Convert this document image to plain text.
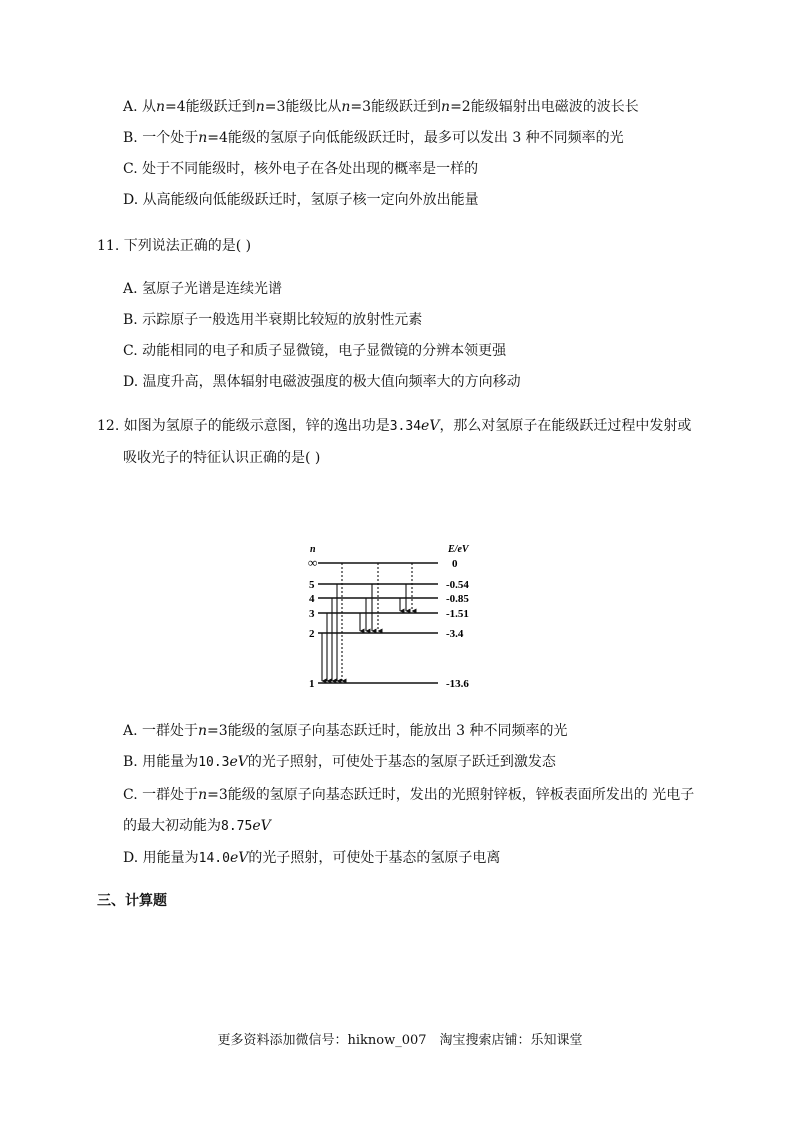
A. 从n=4能级跃迁到n=3能级比从n=3能级跃迁到n=2能级辐射出电磁波的波长长
B. 一个处于n=4能级的氢原子向低能级跃迁时，最多可以发出 3 种不同频率的光
C. 处于不同能级时，核外电子在各处出现的概率是一样的
D. 从高能级向低能级跃迁时，氢原子核一定向外放出能量
11. 下列说法正确的是( )
A. 氢原子光谱是连续光谱
B. 示踪原子一般选用半衰期比较短的放射性元素
C. 动能相同的电子和质子显微镜，电子显微镜的分辨本领更强
D. 温度升高，黑体辐射电磁波强度的极大值向频率大的方向移动
12. 如图为氢原子的能级示意图，锌的逸出功是3.34eV，那么对氢原子在能级跃迁过程中发射或
吸收光子的特征认识正确的是( )
n	E/eV
∞
5
4
3
2
1
0
-0.54
-0.85
-1.51
-3.4
-13.6
A. 一群处于n=3能级的氢原子向基态跃迁时，能放出 3 种不同频率的光
B. 用能量为10.3eV的光子照射，可使处于基态的氢原子跃迁到激发态
C. 一群处于n=3能级的氢原子向基态跃迁时，发出的光照射锌板，锌板表面所发出的 光电子
的最大初动能为8.75eV
D. 用能量为14.0eV的光子照射，可使处于基态的氢原子电离
三、计算题
更多资料添加微信号：hiknow_007　淘宝搜索店铺：乐知课堂
